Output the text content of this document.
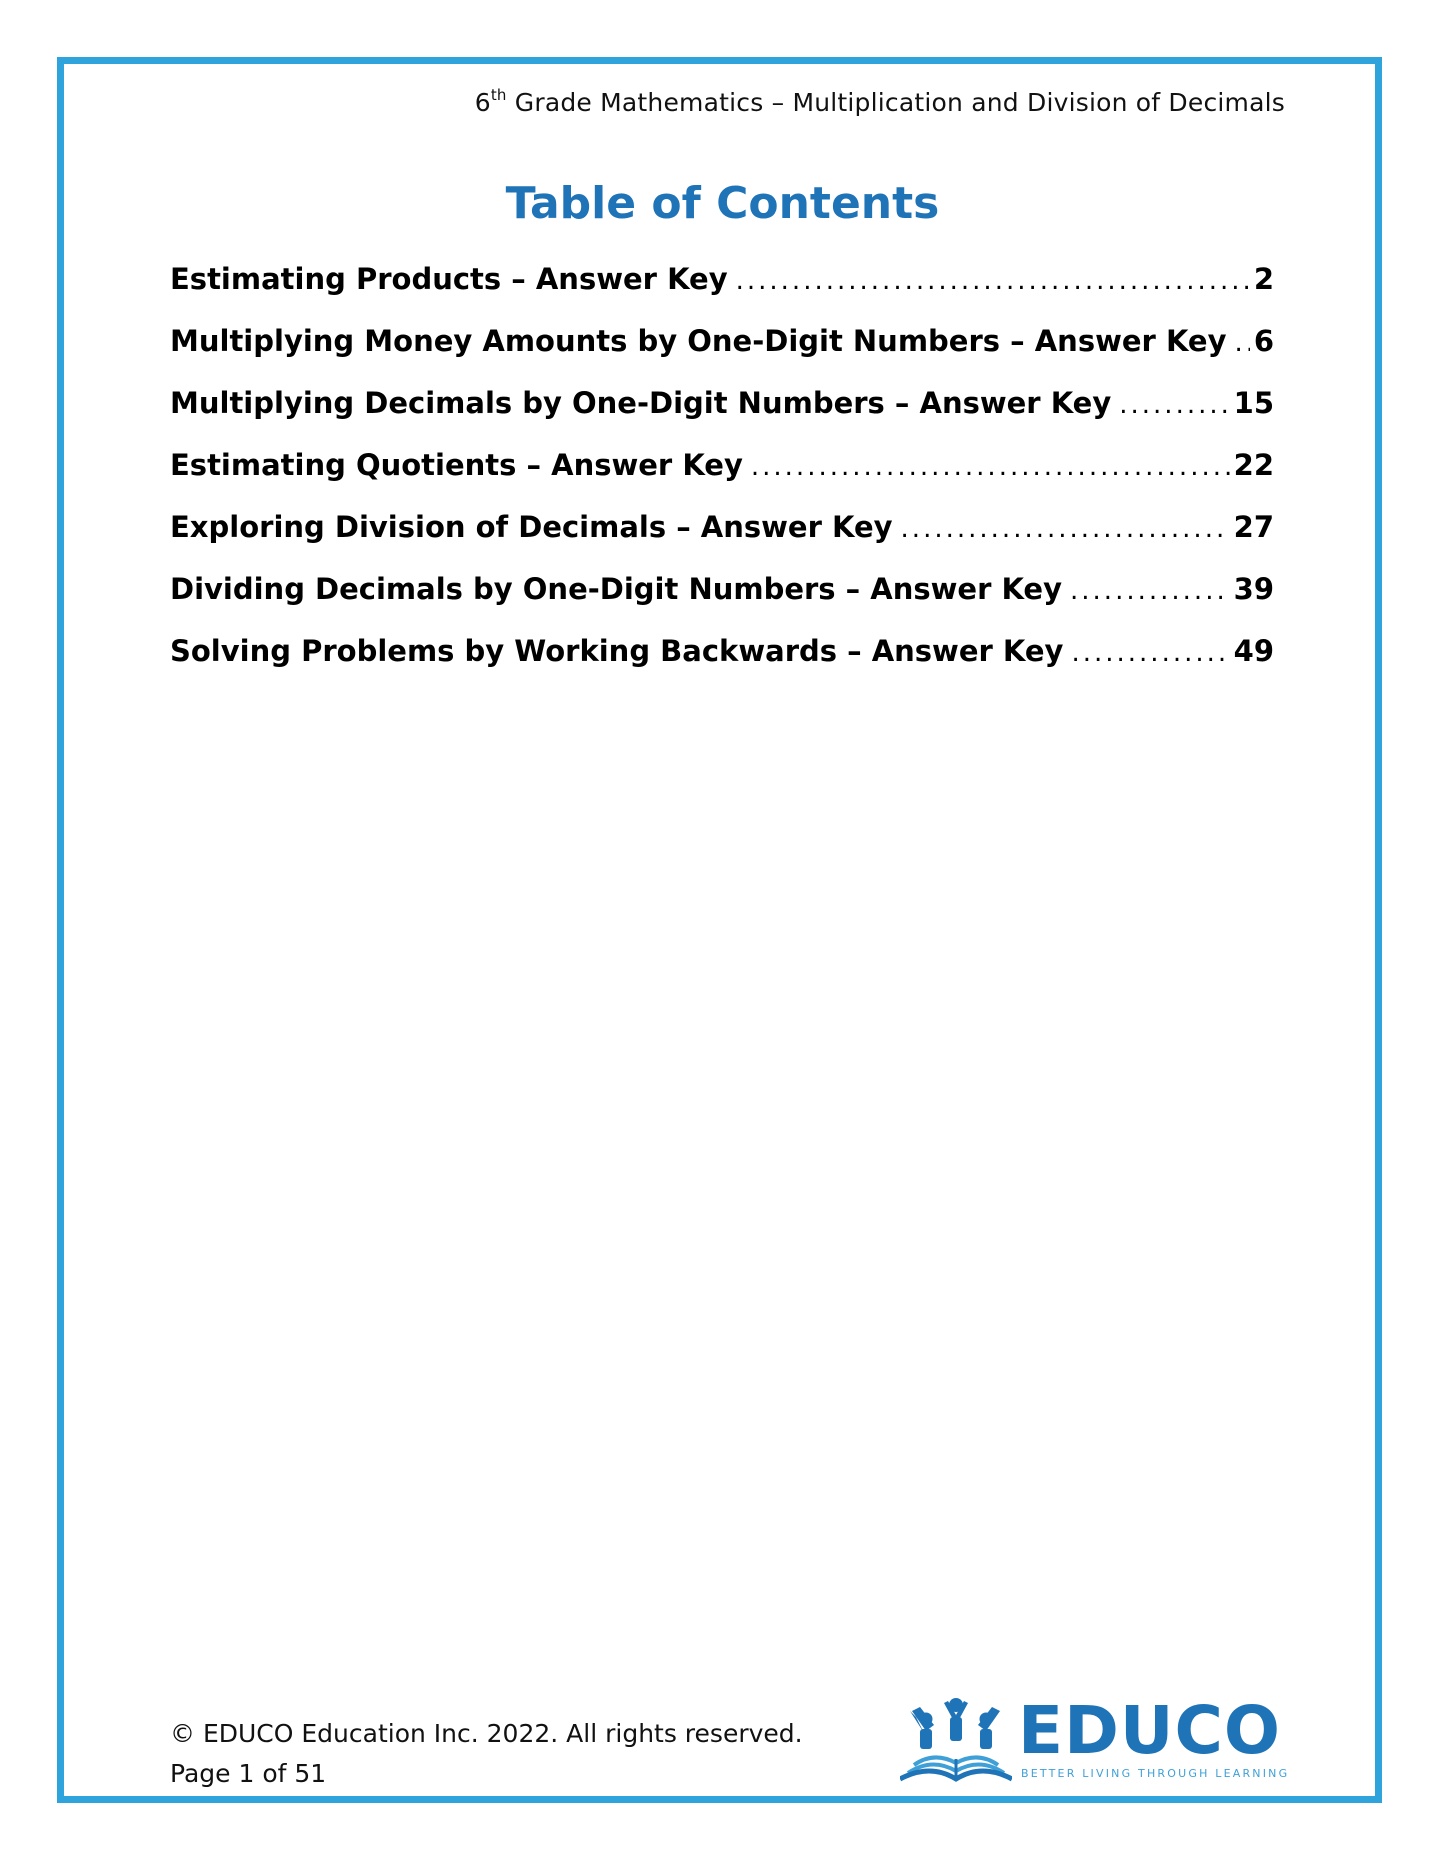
6th Grade Mathematics – Multiplication and Division of Decimals
Table of Contents
Estimating Products – Answer Key .....	2
Multiplying Money Amounts by One-Digit Numbers – Answer Key ..... 6
Multiplying Decimals by One-Digit Numbers – Answer Key .....	15
Estimating Quotients – Answer Key .....	22
Exploring Division of Decimals – Answer Key .....	27
Dividing Decimals by One-Digit Numbers – Answer Key .....	39
Solving Problems by Working Backwards – Answer Key .....	49
© EDUCO Education Inc. 2022. All rights reserved.
Page 1 of 51
EDUCO
BETTER LIVING THROUGH LEARNING
